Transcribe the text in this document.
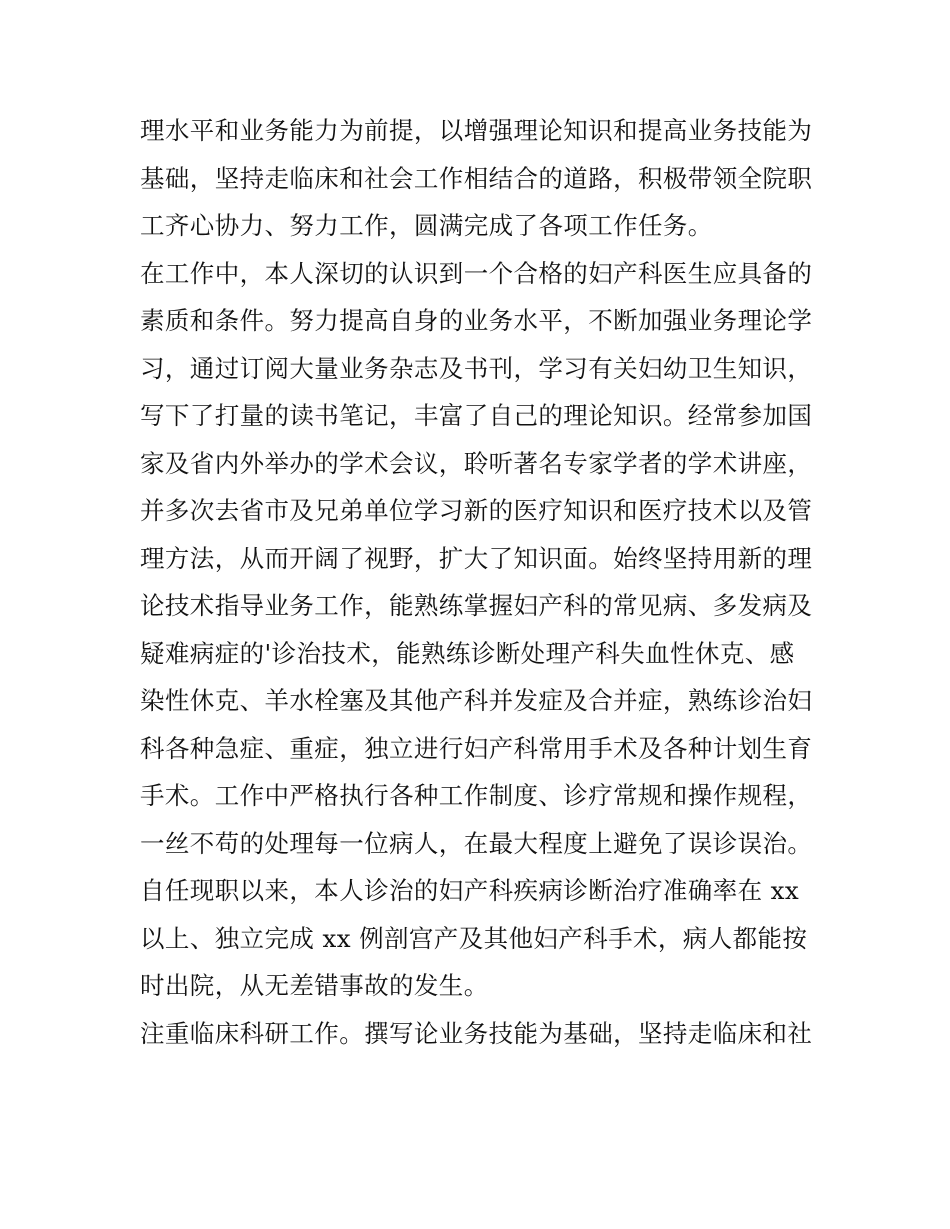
理水平和业务能力为前提，以增强理论知识和提高业务技能为
基础，坚持走临床和社会工作相结合的道路，积极带领全院职
工齐心协力、努力工作，圆满完成了各项工作任务。
在工作中，本人深切的认识到一个合格的妇产科医生应具备的
素质和条件。努力提高自身的业务水平，不断加强业务理论学
习，通过订阅大量业务杂志及书刊，学习有关妇幼卫生知识，
写下了打量的读书笔记，丰富了自己的理论知识。经常参加国
家及省内外举办的学术会议，聆听著名专家学者的学术讲座，
并多次去省市及兄弟单位学习新的医疗知识和医疗技术以及管
理方法，从而开阔了视野，扩大了知识面。始终坚持用新的理
论技术指导业务工作，能熟练掌握妇产科的常见病、多发病及
疑难病症的'诊治技术，能熟练诊断处理产科失血性休克、感
染性休克、羊水栓塞及其他产科并发症及合并症，熟练诊治妇
科各种急症、重症，独立进行妇产科常用手术及各种计划生育
手术。工作中严格执行各种工作制度、诊疗常规和操作规程，
一丝不苟的处理每一位病人，在最大程度上避免了误诊误治。
自任现职以来，本人诊治的妇产科疾病诊断治疗准确率在 xx
以上、独立完成 xx 例剖宫产及其他妇产科手术，病人都能按
时出院，从无差错事故的发生。
注重临床科研工作。撰写论业务技能为基础，坚持走临床和社
